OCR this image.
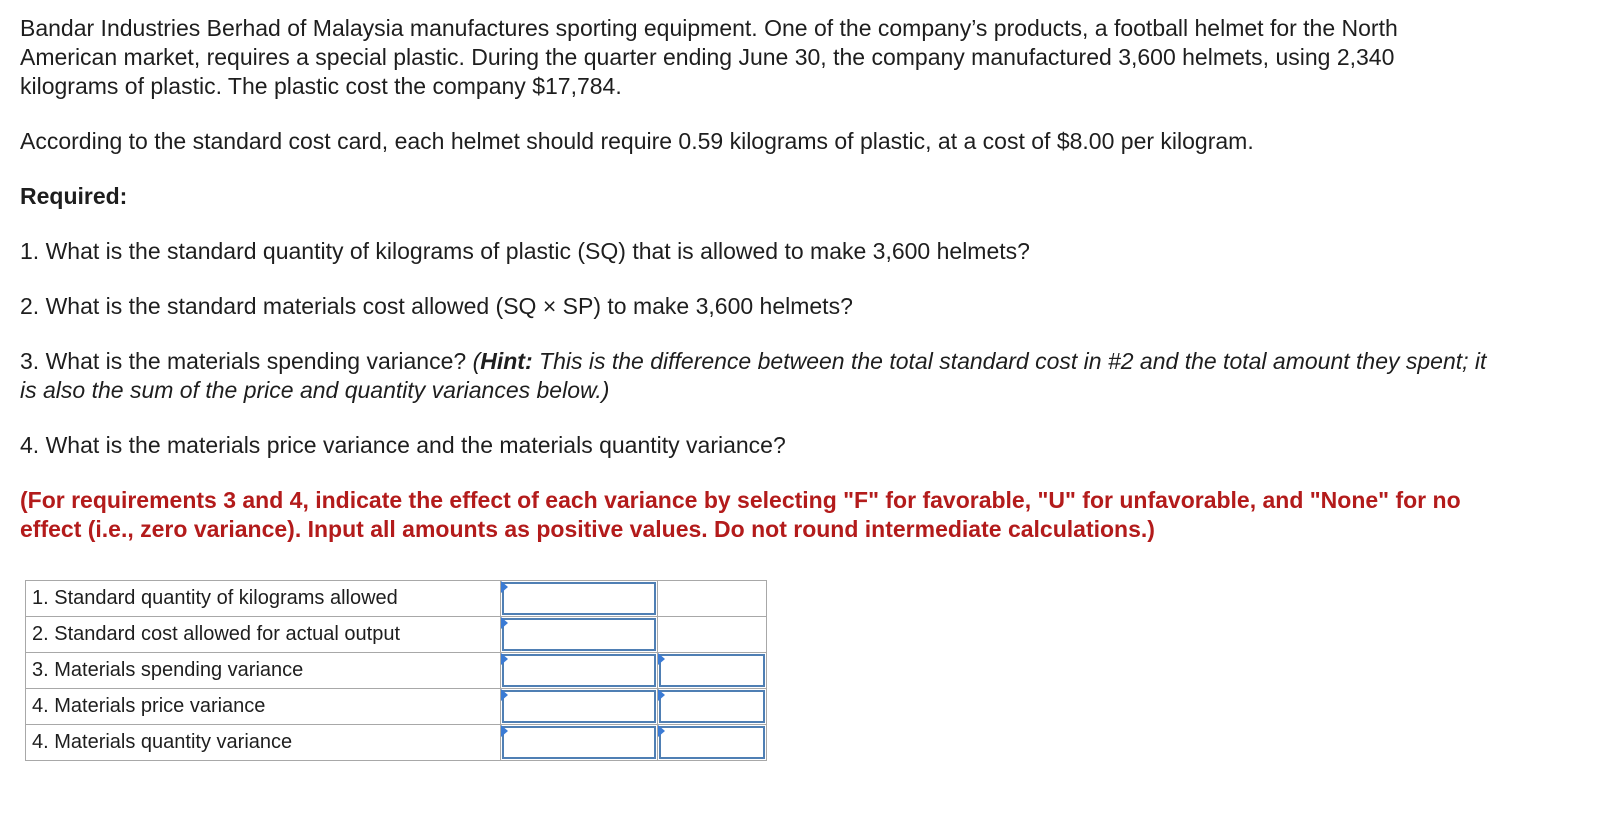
Bandar Industries Berhad of Malaysia manufactures sporting equipment. One of the company’s products, a football helmet for the North American market, requires a special plastic. During the quarter ending June 30, the company manufactured 3,600 helmets, using 2,340 kilograms of plastic. The plastic cost the company $17,784.

According to the standard cost card, each helmet should require 0.59 kilograms of plastic, at a cost of $8.00 per kilogram.

Required:

1. What is the standard quantity of kilograms of plastic (SQ) that is allowed to make 3,600 helmets?

2. What is the standard materials cost allowed (SQ × SP) to make 3,600 helmets?

3. What is the materials spending variance? (Hint: This is the difference between the total standard cost in #2 and the total amount they spent; it is also the sum of the price and quantity variances below.)

4. What is the materials price variance and the materials quantity variance?

(For requirements 3 and 4, indicate the effect of each variance by selecting "F" for favorable, "U" for unfavorable, and "None" for no effect (i.e., zero variance). Input all amounts as positive values. Do not round intermediate calculations.)

1. Standard quantity of kilograms allowed	

2. Standard cost allowed for actual output	

3. Materials spending variance	

4. Materials price variance	

4. Materials quantity variance	
